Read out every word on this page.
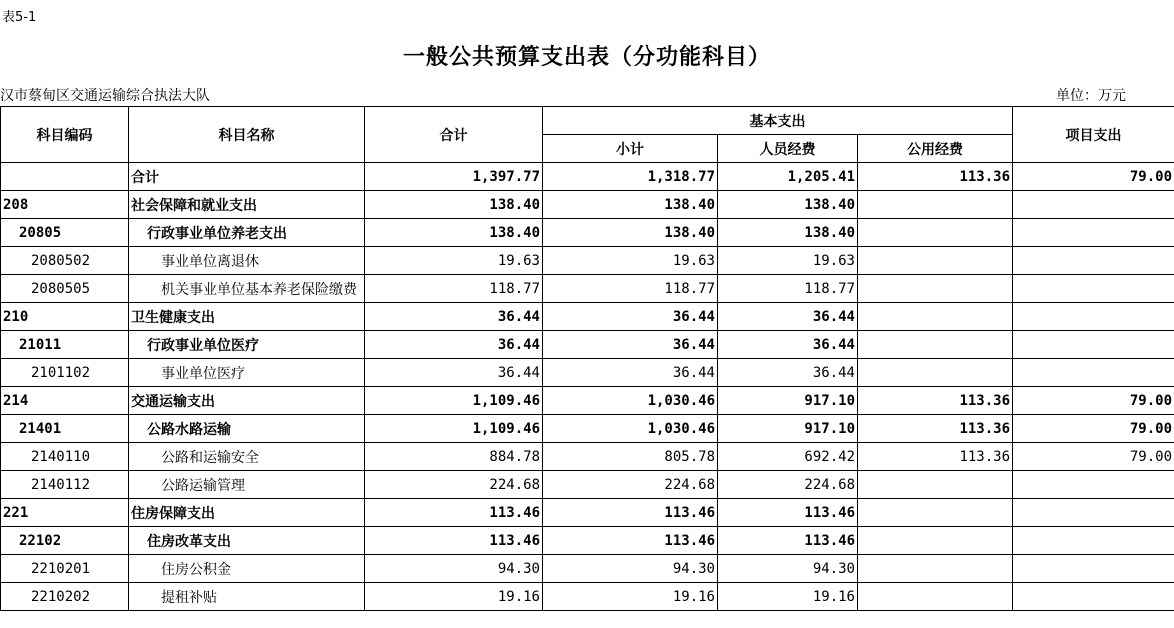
表5-1
一般公共预算支出表（分功能科目）
汉市蔡甸区交通运输综合执法大队	单位：万元
科目编码	科目名称	合计	基本支出			项目支出
			小计	人员经费	公用经费	
	合计	1,397.77	1,318.77	1,205.41	113.36	79.00
208	社会保障和就业支出	138.40	138.40	138.40		
20805	行政事业单位养老支出	138.40	138.40	138.40		
2080502	事业单位离退休	19.63	19.63	19.63		
2080505	机关事业单位基本养老保险缴费	118.77	118.77	118.77		
210	卫生健康支出	36.44	36.44	36.44		
21011	行政事业单位医疗	36.44	36.44	36.44		
2101102	事业单位医疗	36.44	36.44	36.44		
214	交通运输支出	1,109.46	1,030.46	917.10	113.36	79.00
21401	公路水路运输	1,109.46	1,030.46	917.10	113.36	79.00
2140110	公路和运输安全	884.78	805.78	692.42	113.36	79.00
2140112	公路运输管理	224.68	224.68	224.68		
221	住房保障支出	113.46	113.46	113.46		
22102	住房改革支出	113.46	113.46	113.46		
2210201	住房公积金	94.30	94.30	94.30		
2210202	提租补贴	19.16	19.16	19.16		
